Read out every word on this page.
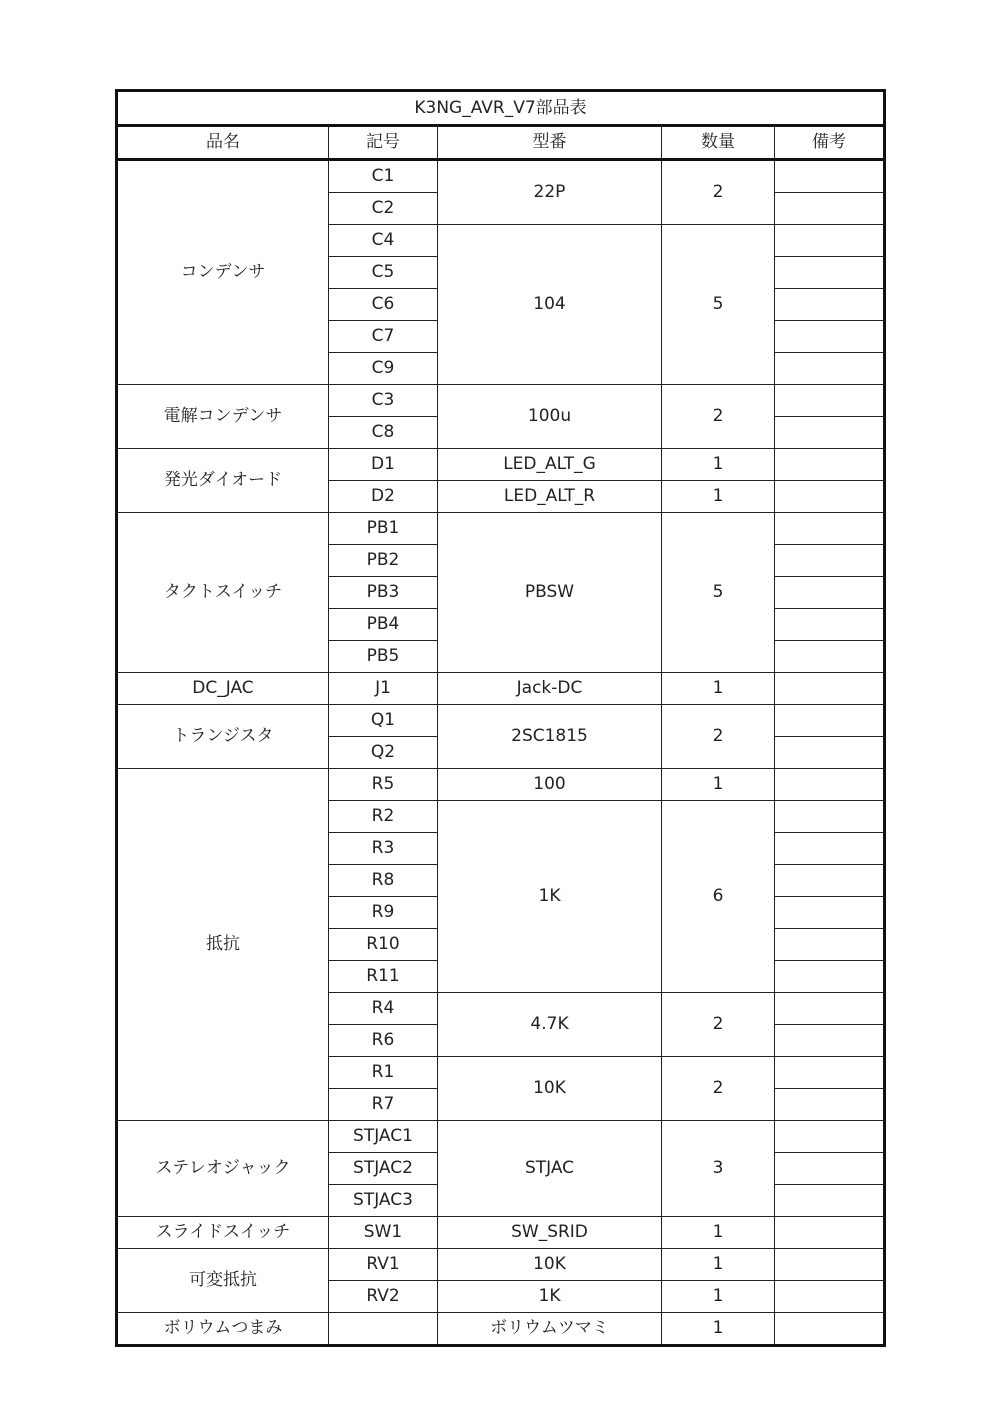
K3NG_AVR_V7部品表				
品名	記号	型番	数量	備考
コンデンサ	C1	22P	2	
	C2			
	C4	104	5	
	C5			
	C6			
	C7			
	C9			
電解コンデンサ	C3	100u	2	
	C8			
発光ダイオード	D1	LED_ALT_G	1	
	D2	LED_ALT_R	1	
タクトスイッチ	PB1	PBSW	5	
	PB2			
	PB3			
	PB4			
	PB5			
DC_JAC	J1	Jack-DC	1	
トランジスタ	Q1	2SC1815	2	
	Q2			
抵抗	R5	100	1	
	R2	1K	6	
	R3			
	R8			
	R9			
	R10			
	R11			
	R4	4.7K	2	
	R6			
	R1	10K	2	
	R7			
ステレオジャック	STJAC1	STJAC	3	
	STJAC2			
	STJAC3			
スライドスイッチ	SW1	SW_SRID	1	
可変抵抗	RV1	10K	1	
	RV2	1K	1	
ボリウムつまみ		ボリウムツマミ	1	
